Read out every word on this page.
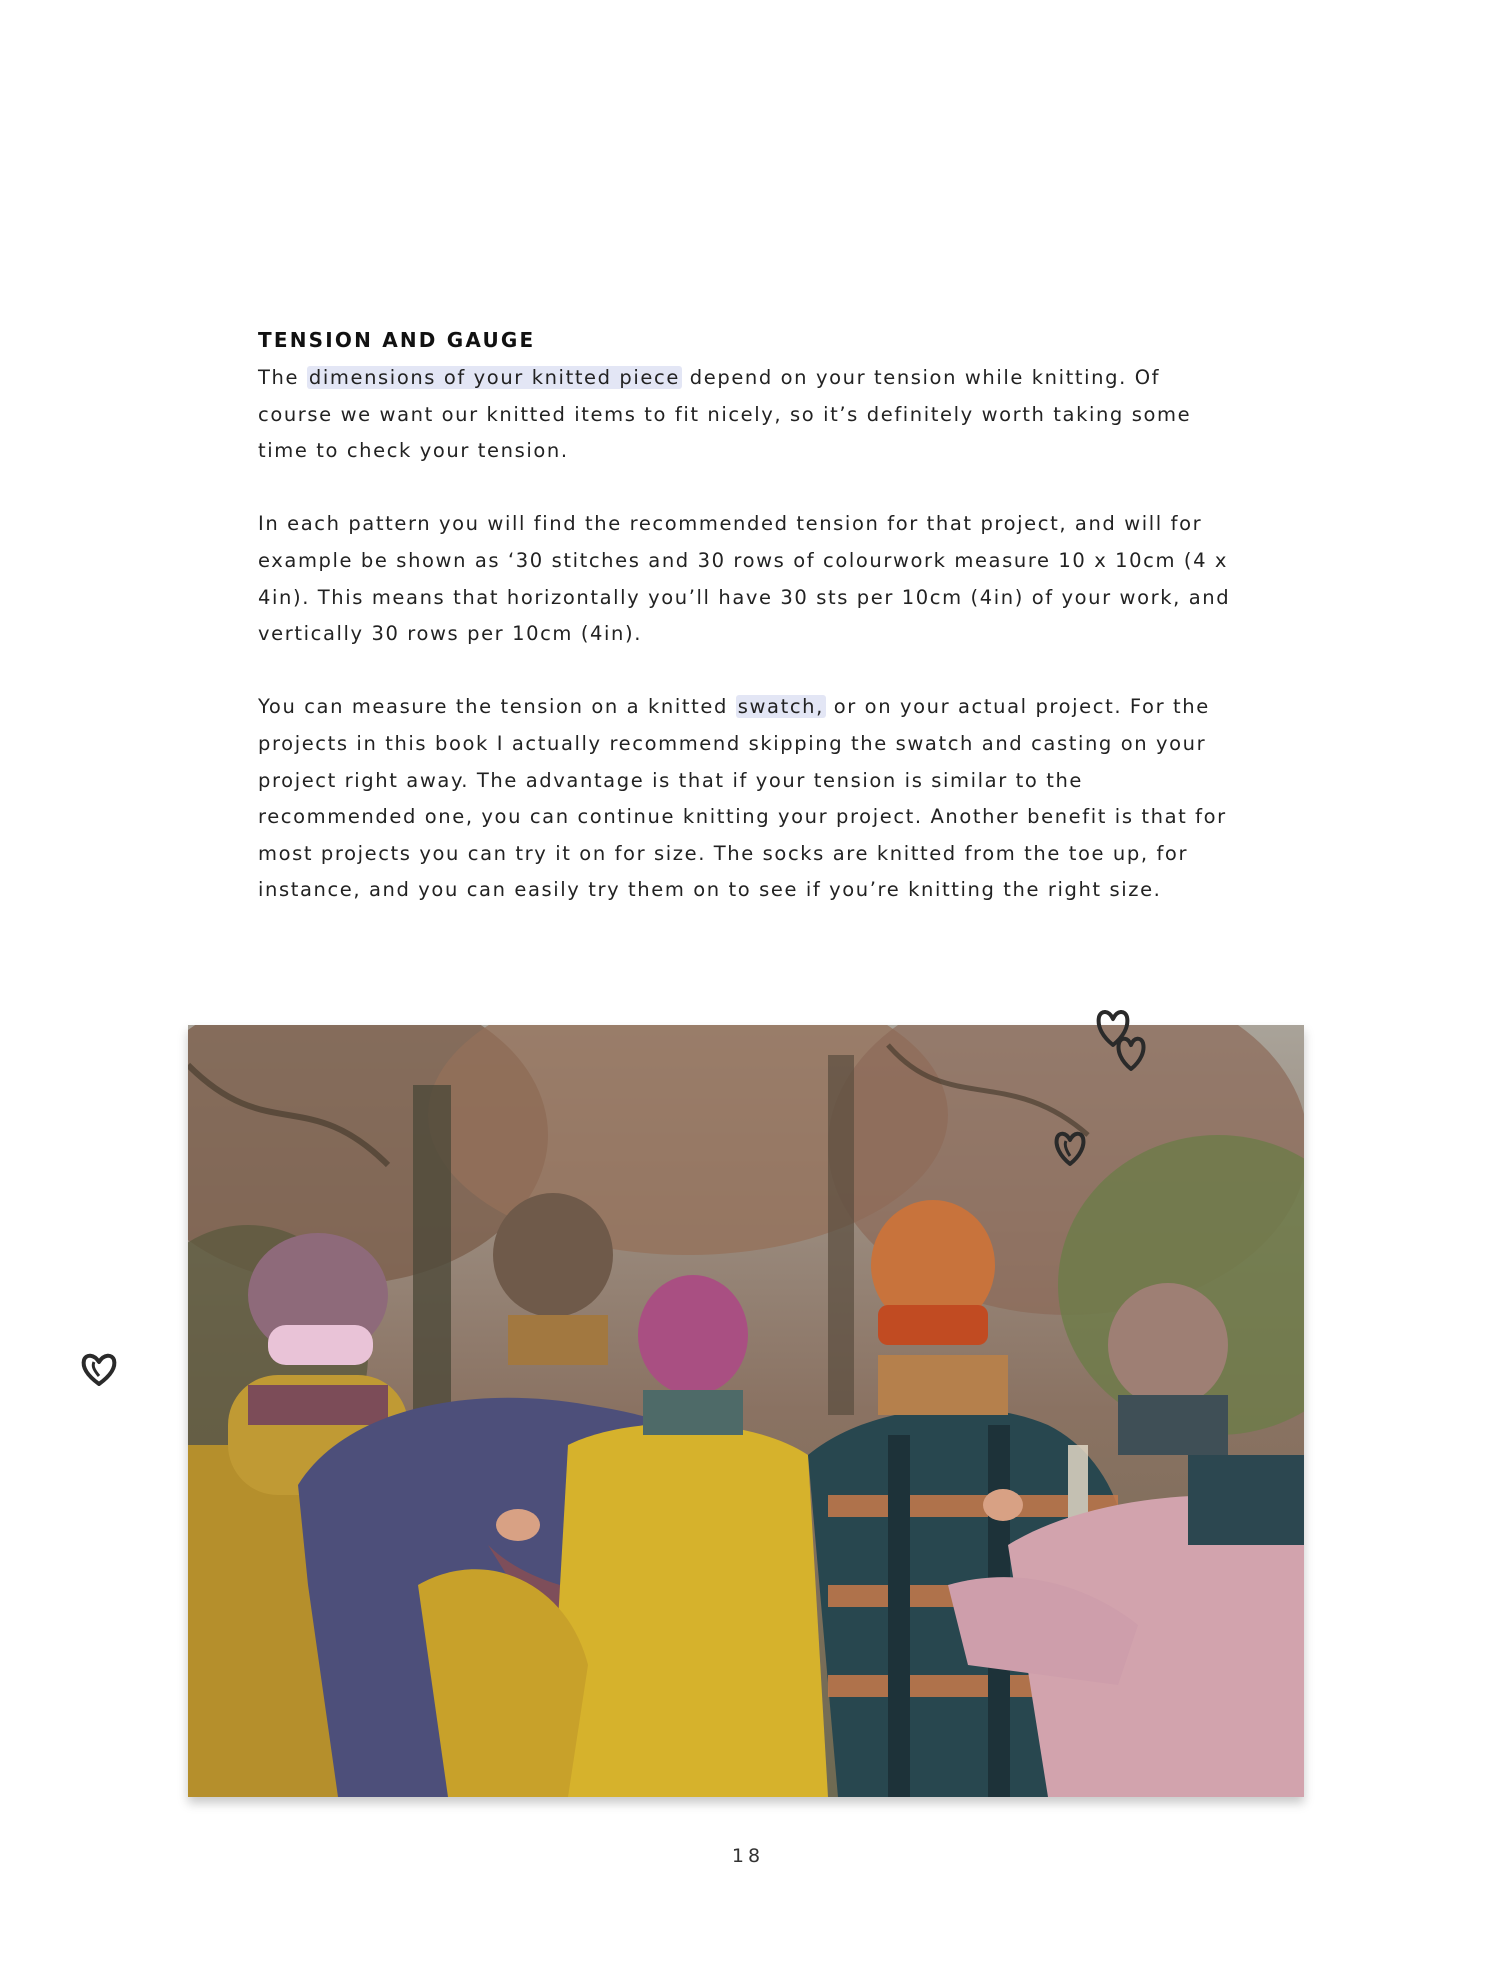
TENSION AND GAUGE

The dimensions of your knitted piece depend on your tension while knitting. Of course we want our knitted items to fit nicely, so it’s definitely worth taking some time to check your tension.

In each pattern you will find the recommended tension for that project, and will for example be shown as ‘30 stitches and 30 rows of colourwork measure 10 x 10cm (4 x 4in). This means that horizontally you’ll have 30 sts per 10cm (4in) of your work, and vertically 30 rows per 10cm (4in).

You can measure the tension on a knitted swatch, or on your actual project. For the projects in this book I actually recommend skipping the swatch and casting on your project right away. The advantage is that if your tension is similar to the recommended one, you can continue knitting your project. Another benefit is that for most projects you can try it on for size. The socks are knitted from the toe up, for instance, and you can easily try them on to see if you’re knitting the right size.

18
